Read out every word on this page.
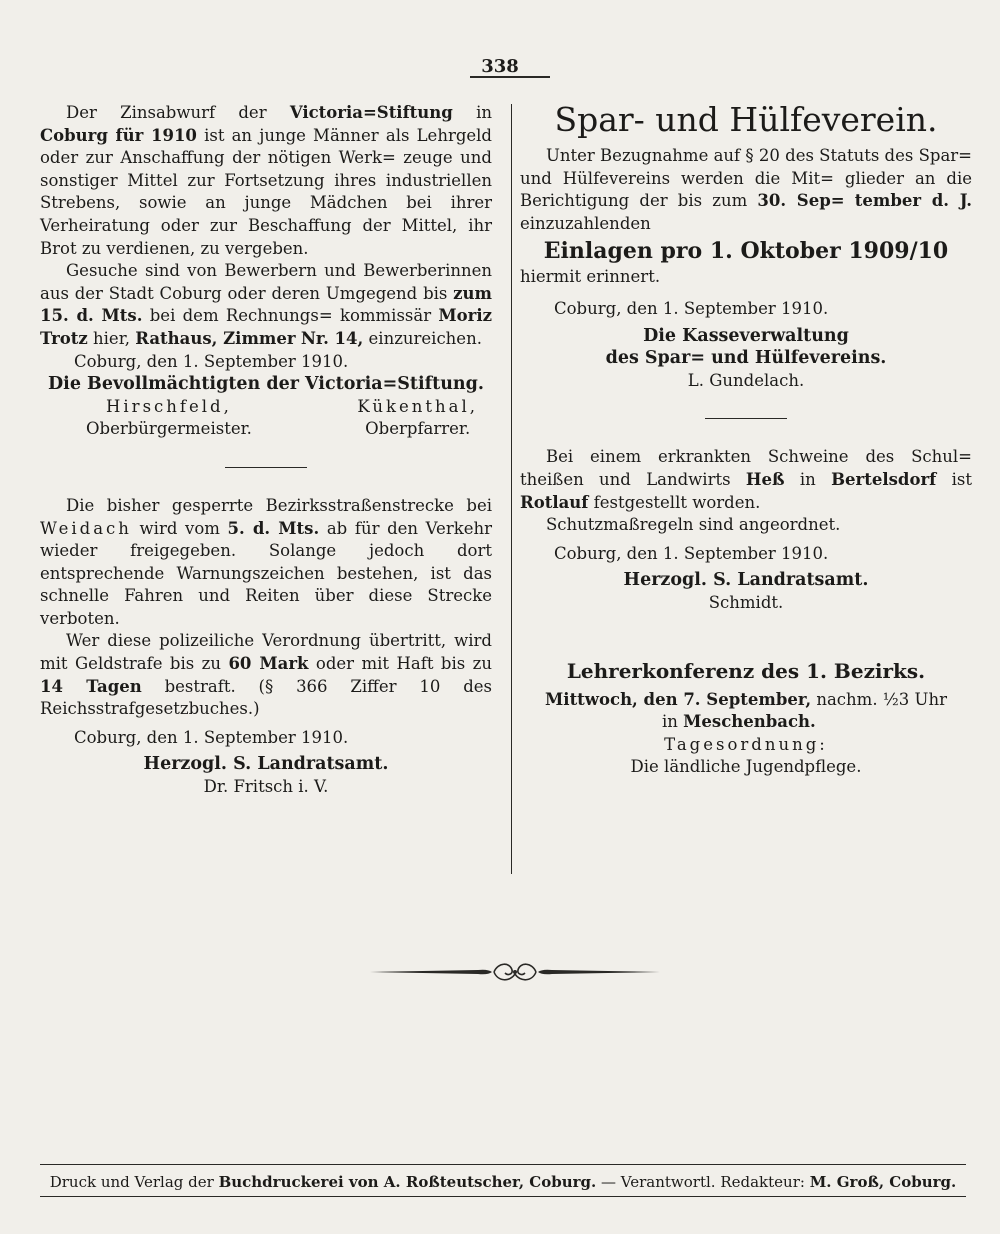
338
Der Zinsabwurf der Victoria=Stiftung in Coburg für 1910 ist an junge Männer als Lehrgeld oder zur Anschaffung der nötigen Werk= zeuge und sonstiger Mittel zur Fortsetzung ihres industriellen Strebens, sowie an junge Mädchen bei ihrer Verheiratung oder zur Beschaffung der Mittel, ihr Brot zu verdienen, zu vergeben.
Gesuche sind von Bewerbern und Bewerberinnen aus der Stadt Coburg oder deren Umgegend bis zum 15. d. Mts. bei dem Rechnungs= kommissär Moriz Trotz hier, Rathaus, Zimmer Nr. 14, einzureichen.
Coburg, den 1. September 1910.
Die Bevollmächtigten der Victoria=Stiftung.
Hirschfeld,
Oberbürgermeister.
Kükenthal,
Oberpfarrer.
Die bisher gesperrte Bezirksstraßenstrecke bei Weidach wird vom 5. d. Mts. ab für den Verkehr wieder freigegeben. Solange jedoch dort entsprechende Warnungszeichen bestehen, ist das schnelle Fahren und Reiten über diese Strecke verboten.
Wer diese polizeiliche Verordnung übertritt, wird mit Geldstrafe bis zu 60 Mark oder mit Haft bis zu 14 Tagen bestraft. (§ 366 Ziffer 10 des Reichsstrafgesetzbuches.)
Coburg, den 1. September 1910.
Herzogl. S. Landratsamt.
Dr. Fritsch i. V.
Spar- und Hülfeverein.
Unter Bezugnahme auf § 20 des Statuts des Spar= und Hülfevereins werden die Mit= glieder an die Berichtigung der bis zum 30. Sep= tember d. J. einzuzahlenden
Einlagen pro 1. Oktober 1909/10
hiermit erinnert.
Coburg, den 1. September 1910.
Die Kasseverwaltung
des Spar= und Hülfevereins.
L. Gundelach.
Bei einem erkrankten Schweine des Schul= theißen und Landwirts Heß in Bertelsdorf ist Rotlauf festgestellt worden.
Schutzmaßregeln sind angeordnet.
Coburg, den 1. September 1910.
Herzogl. S. Landratsamt.
Schmidt.
Lehrerkonferenz des 1. Bezirks.
Mittwoch, den 7. September, nachm. ½3 Uhr
in Meschenbach.
Tagesordnung:
Die ländliche Jugendpflege.
Druck und Verlag der Buchdruckerei von A. Roßteutscher, Coburg. — Verantwortl. Redakteur: M. Groß, Coburg.
